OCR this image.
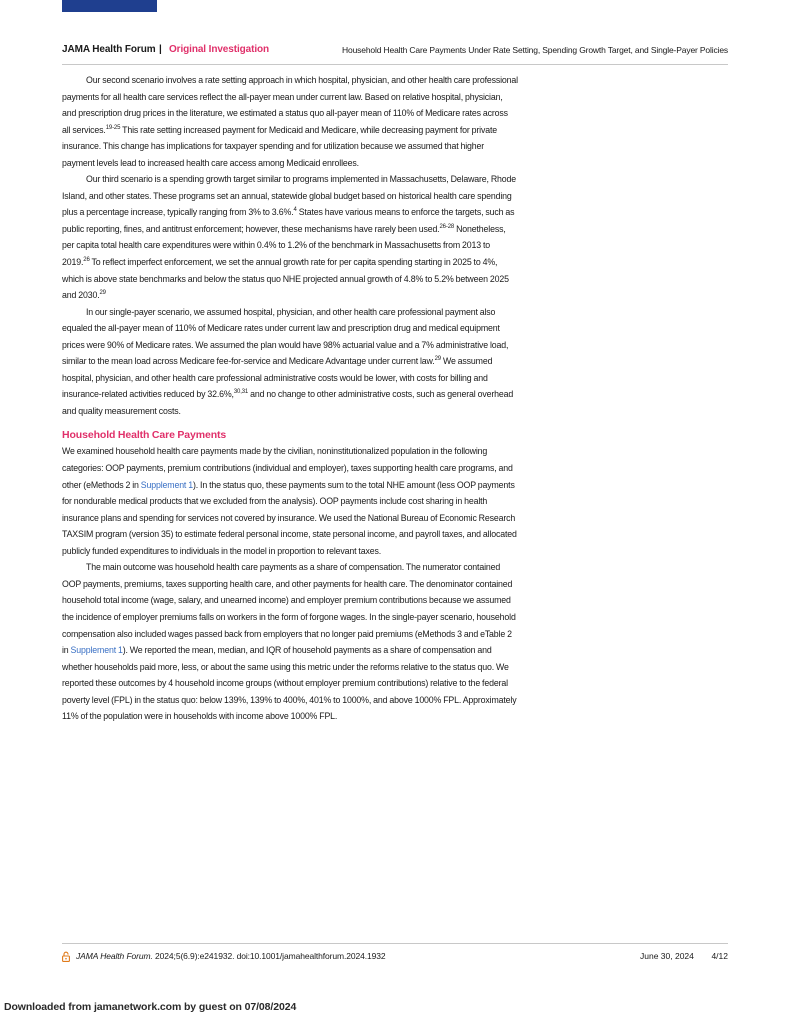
JAMA Health Forum | Original Investigation	Household Health Care Payments Under Rate Setting, Spending Growth Target, and Single-Payer Policies

Our second scenario involves a rate setting approach in which hospital, physician, and other health care professional payments for all health care services reflect the all-payer mean under current law. Based on relative hospital, physician, and prescription drug prices in the literature, we estimated a status quo all-payer mean of 110% of Medicare rates across all services.$^{19-25}$ This rate setting increased payment for Medicaid and Medicare, while decreasing payment for private insurance. This change has implications for taxpayer spending and for utilization because we assumed that higher payment levels lead to increased health care access among Medicaid enrollees.

Our third scenario is a spending growth target similar to programs implemented in Massachusetts, Delaware, Rhode Island, and other states. These programs set an annual, statewide global budget based on historical health care spending plus a percentage increase, typically ranging from 3% to 3.6%.$^4$ States have various means to enforce the targets, such as public reporting, fines, and antitrust enforcement; however, these mechanisms have rarely been used.$^{26-28}$ Nonetheless, per capita total health care expenditures were within 0.4% to 1.2% of the benchmark in Massachusetts from 2013 to 2019.26 To reflect imperfect enforcement, we set the annual growth rate for per capita spending starting in 2025 to 4%, which is above state benchmarks and below the status quo NHE projected annual growth of 4.8% to 5.2% between 2025 and 2030.29

In our single-payer scenario, we assumed hospital, physician, and other health care professional payment also equaled the all-payer mean of 110% of Medicare rates under current law and prescription drug and medical equipment prices were 90% of Medicare rates. We assumed the plan would have 98% actuarial value and a 7% administrative load, similar to the mean load across Medicare fee-for-service and Medicare Advantage under current law.$^{29}$ We assumed hospital, physician, and other health care professional administrative costs would be lower, with costs for billing and insurance-related activities reduced by 32.6%,$^{30,31}$ and no change to other administrative costs, such as general overhead and quality measurement costs.

Household Health Care Payments

We examined household health care payments made by the civilian, noninstitutionalized population in the following categories: OOP payments, premium contributions (individual and employer), taxes supporting health care programs, and other (eMethods 2 in Supplement 1). In the status quo, these payments sum to the total NHE amount (less OOP payments for nondurable medical products that we excluded from the analysis). OOP payments include cost sharing in health insurance plans and spending for services not covered by insurance. We used the National Bureau of Economic Research TAXSIM program (version 35) to estimate federal personal income, state personal income, and payroll taxes, and allocated publicly funded expenditures to individuals in the model in proportion to relevant taxes.

The main outcome was household health care payments as a share of compensation. The numerator contained OOP payments, premiums, taxes supporting health care, and other payments for health care. The denominator contained household total income (wage, salary, and unearned income) and employer premium contributions because we assumed the incidence of employer premiums falls on workers in the form of forgone wages. In the single-payer scenario, household compensation also included wages passed back from employers that no longer paid premiums (eMethods 3 and eTable 2 in Supplement 1). We reported the mean, median, and IQR of household payments as a share of compensation and whether households paid more, less, or about the same using this metric under the reforms relative to the status quo. We reported these outcomes by 4 household income groups (without employer premium contributions) relative to the federal poverty level (FPL) in the status quo: below 139%, 139% to 400%, 401% to 1000%, and above 1000% FPL. Approximately 11% of the population were in households with income above 1000% FPL.

JAMA Health Forum. 2024;5(6.9):e241932. doi:10.1001/jamahealthforum.2024.1932	June 30, 2024 4/12
Downloaded from jamanetwork.com by guest on 07/08/2024
